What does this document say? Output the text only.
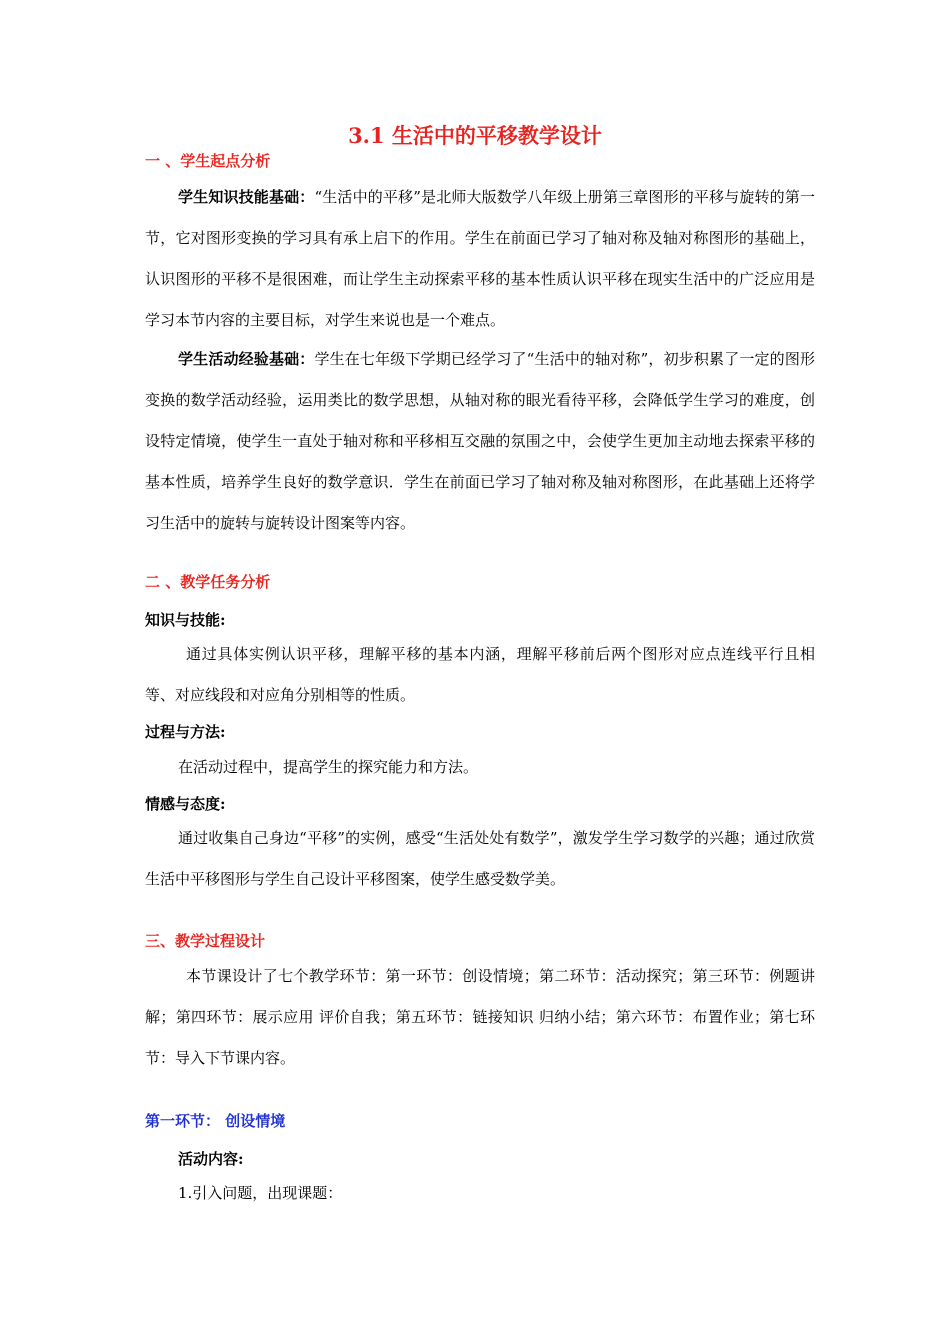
3.1 生活中的平移教学设计
一 、学生起点分析

学生知识技能基础：“生活中的平移”是北师大版数学八年级上册第三章图形的平移与旋转的第一节，它对图形变换的学习具有承上启下的作用。学生在前面已学习了轴对称及轴对称图形的基础上，认识图形的平移不是很困难，而让学生主动探索平移的基本性质认识平移在现实生活中的广泛应用是学习本节内容的主要目标，对学生来说也是一个难点。

学生活动经验基础：学生在七年级下学期已经学习了“生活中的轴对称”，初步积累了一定的图形变换的数学活动经验，运用类比的数学思想，从轴对称的眼光看待平移，会降低学生学习的难度，创设特定情境，使学生一直处于轴对称和平移相互交融的氛围之中，会使学生更加主动地去探索平移的基本性质，培养学生良好的数学意识．学生在前面已学习了轴对称及轴对称图形，在此基础上还将学习生活中的旋转与旋转设计图案等内容。

二 、教学任务分析
知识与技能:

通过具体实例认识平移，理解平移的基本内涵，理解平移前后两个图形对应点连线平行且相等、对应线段和对应角分别相等的性质。

过程与方法:

在活动过程中，提高学生的探究能力和方法。

情感与态度:

通过收集自己身边“平移”的实例，感受“生活处处有数学”，激发学生学习数学的兴趣；通过欣赏生活中平移图形与学生自己设计平移图案，使学生感受数学美。

三、教学过程设计

本节课设计了七个教学环节：第一环节：创设情境；第二环节：活动探究；第三环节：例题讲解；第四环节：展示应用 评价自我；第五环节：链接知识 归纳小结；第六环节：布置作业；第七环节：导入下节课内容。

第一环节： 创设情境
活动内容:
1.引入问题，出现课题：
